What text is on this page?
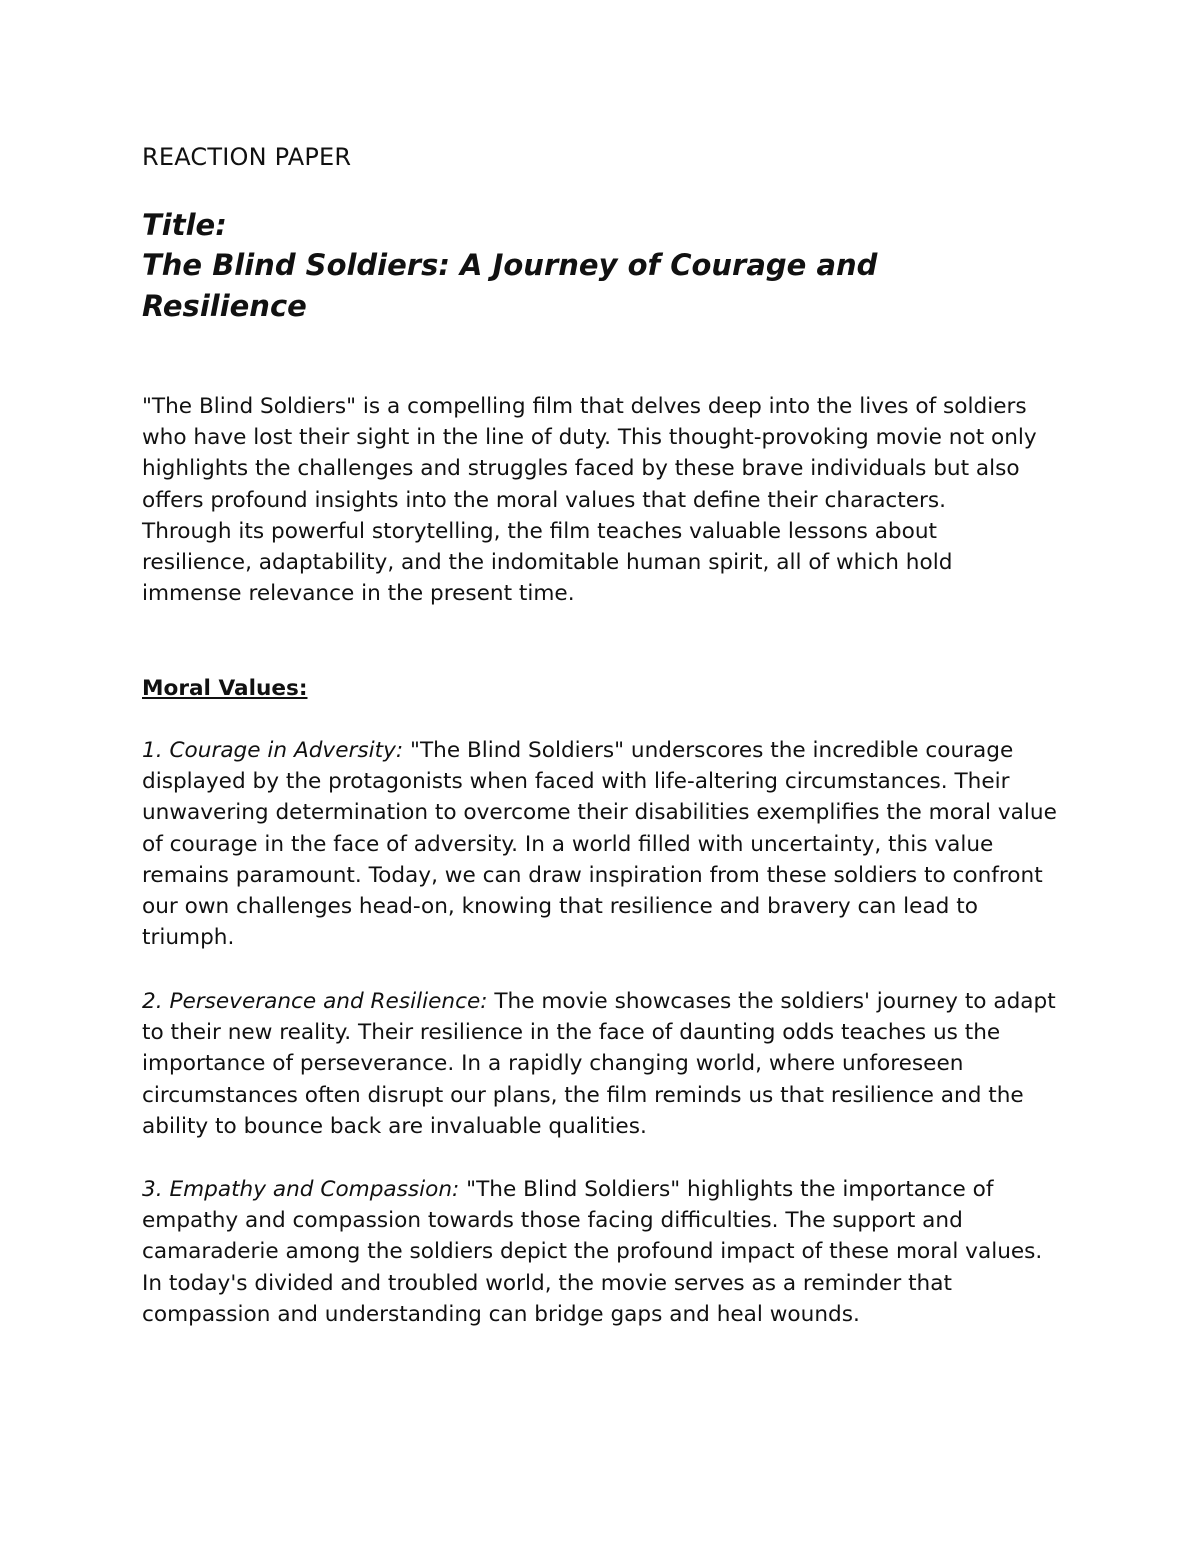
REACTION PAPER

Title:

The Blind Soldiers: A Journey of Courage and Resilience

"The Blind Soldiers" is a compelling film that delves deep into the lives of soldiers who have lost their sight in the line of duty. This thought-provoking movie not only highlights the challenges and struggles faced by these brave individuals but also offers profound insights into the moral values that define their characters. Through its powerful storytelling, the film teaches valuable lessons about resilience, adaptability, and the indomitable human spirit, all of which hold immense relevance in the present time.

Moral Values:

1. Courage in Adversity: "The Blind Soldiers" underscores the incredible courage displayed by the protagonists when faced with life-altering circumstances. Their unwavering determination to overcome their disabilities exemplifies the moral value of courage in the face of adversity. In a world filled with uncertainty, this value remains paramount. Today, we can draw inspiration from these soldiers to confront our own challenges head-on, knowing that resilience and bravery can lead to triumph.

2. Perseverance and Resilience: The movie showcases the soldiers' journey to adapt to their new reality. Their resilience in the face of daunting odds teaches us the importance of perseverance. In a rapidly changing world, where unforeseen circumstances often disrupt our plans, the film reminds us that resilience and the ability to bounce back are invaluable qualities.

3. Empathy and Compassion: "The Blind Soldiers" highlights the importance of empathy and compassion towards those facing difficulties. The support and camaraderie among the soldiers depict the profound impact of these moral values. In today's divided and troubled world, the movie serves as a reminder that compassion and understanding can bridge gaps and heal wounds.
